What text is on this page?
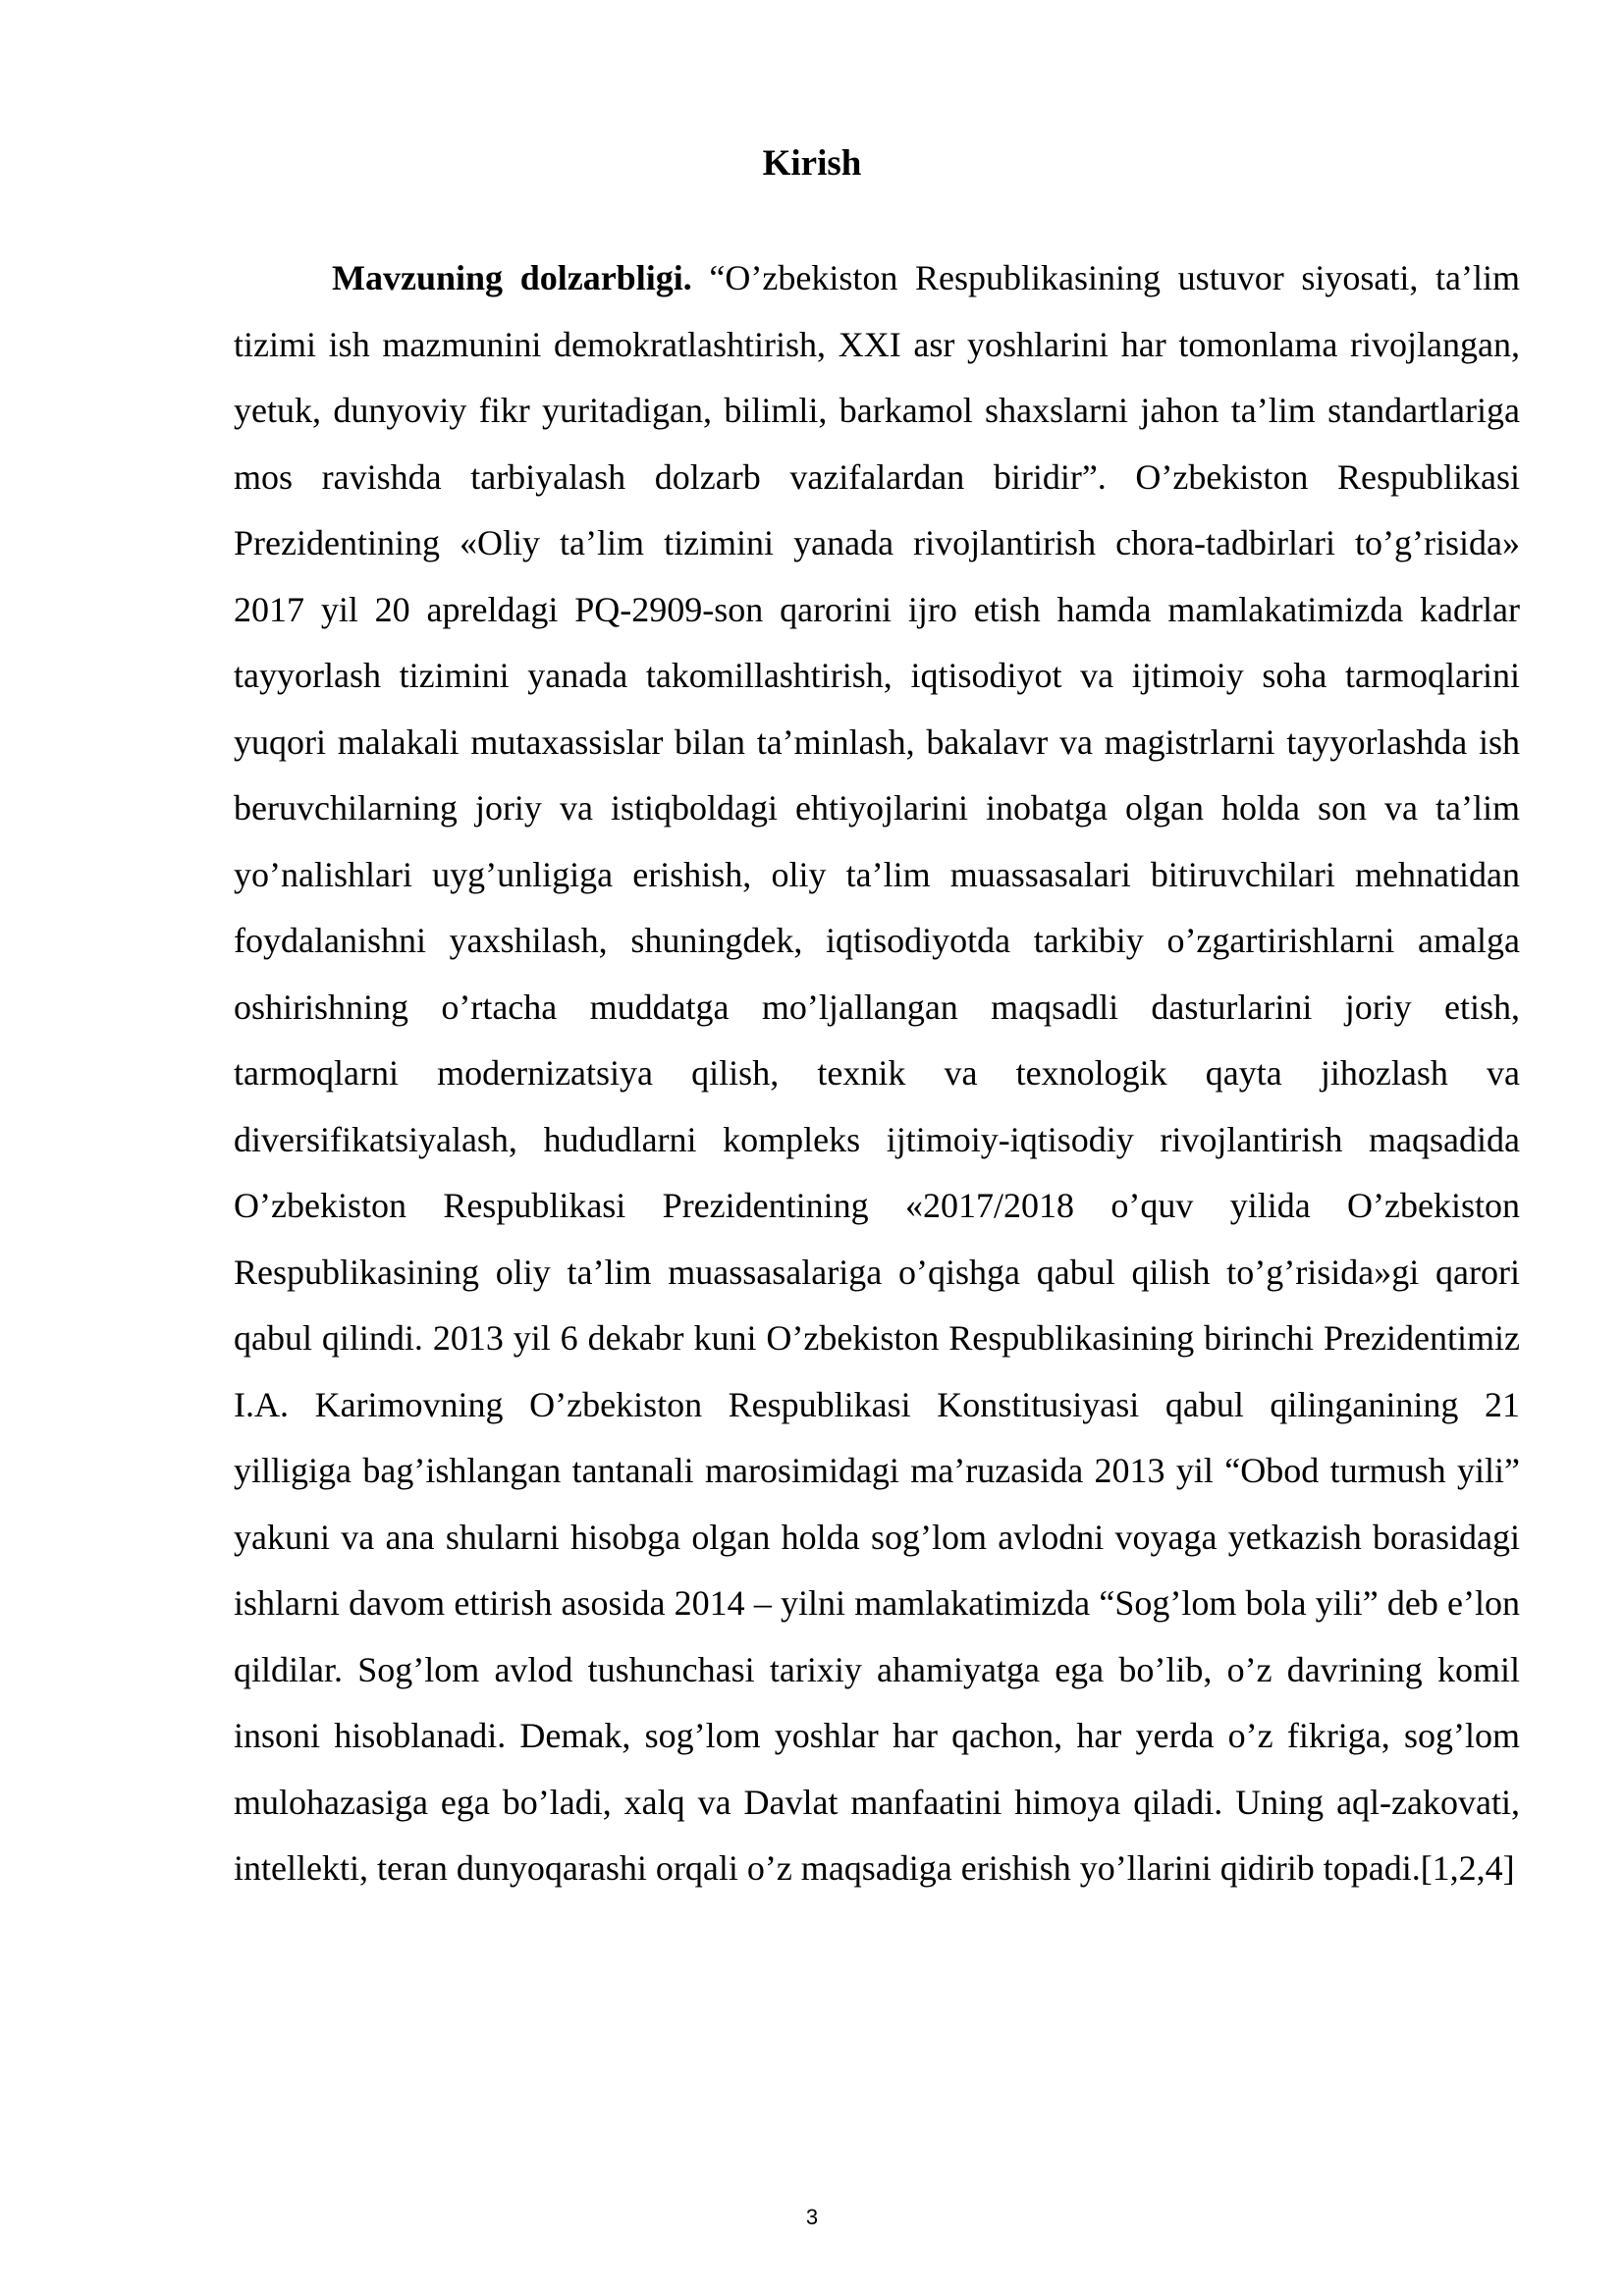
Kirish

Mavzuning dolzarbligi. “O’zbekiston Respublikasining ustuvor siyosati, ta’lim tizimi ish mazmunini demokratlashtirish, XXI asr yoshlarini har tomonlama rivojlangan, yetuk, dunyoviy fikr yuritadigan, bilimli, barkamol shaxslarni jahon ta’lim standartlariga mos ravishda tarbiyalash dolzarb vazifalardan biridir”. O’zbekiston Respublikasi Prezidentining «Oliy ta’lim tizimini yanada rivojlantirish chora-tadbirlari to’g’risida» 2017 yil 20 apreldagi PQ-2909-son qarorini ijro etish hamda mamlakatimizda kadrlar tayyorlash tizimini yanada takomillashtirish, iqtisodiyot va ijtimoiy soha tarmoqlarini yuqori malakali mutaxassislar bilan ta’minlash, bakalavr va magistrlarni tayyorlashda ish beruvchilarning joriy va istiqboldagi ehtiyojlarini inobatga olgan holda son va ta’lim yo’nalishlari uyg’unligiga erishish, oliy ta’lim muassasalari bitiruvchilari mehnatidan foydalanishni yaxshilash, shuningdek, iqtisodiyotda tarkibiy o’zgartirishlarni amalga oshirishning o’rtacha muddatga mo’ljallangan maqsadli dasturlarini joriy etish, tarmoqlarni modernizatsiya qilish, texnik va texnologik qayta jihozlash va diversifikatsiyalash, hududlarni kompleks ijtimoiy-iqtisodiy rivojlantirish maqsadida O’zbekiston Respublikasi Prezidentining «2017/2018 o’quv yilida O’zbekiston Respublikasining oliy ta’lim muassasalariga o’qishga qabul qilish to’g’risida»gi qarori qabul qilindi. 2013 yil 6 dekabr kuni O’zbekiston Respublikasining birinchi Prezidentimiz I.A. Karimovning O’zbekiston Respublikasi Konstitusiyasi qabul qilinganining 21 yilligiga bag’ishlangan tantanali marosimidagi ma’ruzasida 2013 yil “Obod turmush yili” yakuni va ana shularni hisobga olgan holda sog’lom avlodni voyaga yetkazish borasidagi ishlarni davom ettirish asosida 2014 – yilni mamlakatimizda “Sog’lom bola yili” deb e’lon qildilar. Sog’lom avlod tushunchasi tarixiy ahamiyatga ega bo’lib, o’z davrining komil insoni hisoblanadi. Demak, sog’lom yoshlar har qachon, har yerda o’z fikriga, sog’lom mulohazasiga ega bo’ladi, xalq va Davlat manfaatini himoya qiladi. Uning aql-zakovati, intellekti, teran dunyoqarashi orqali o’z maqsadiga erishish yo’llarini qidirib topadi.[1,2,4]

3
